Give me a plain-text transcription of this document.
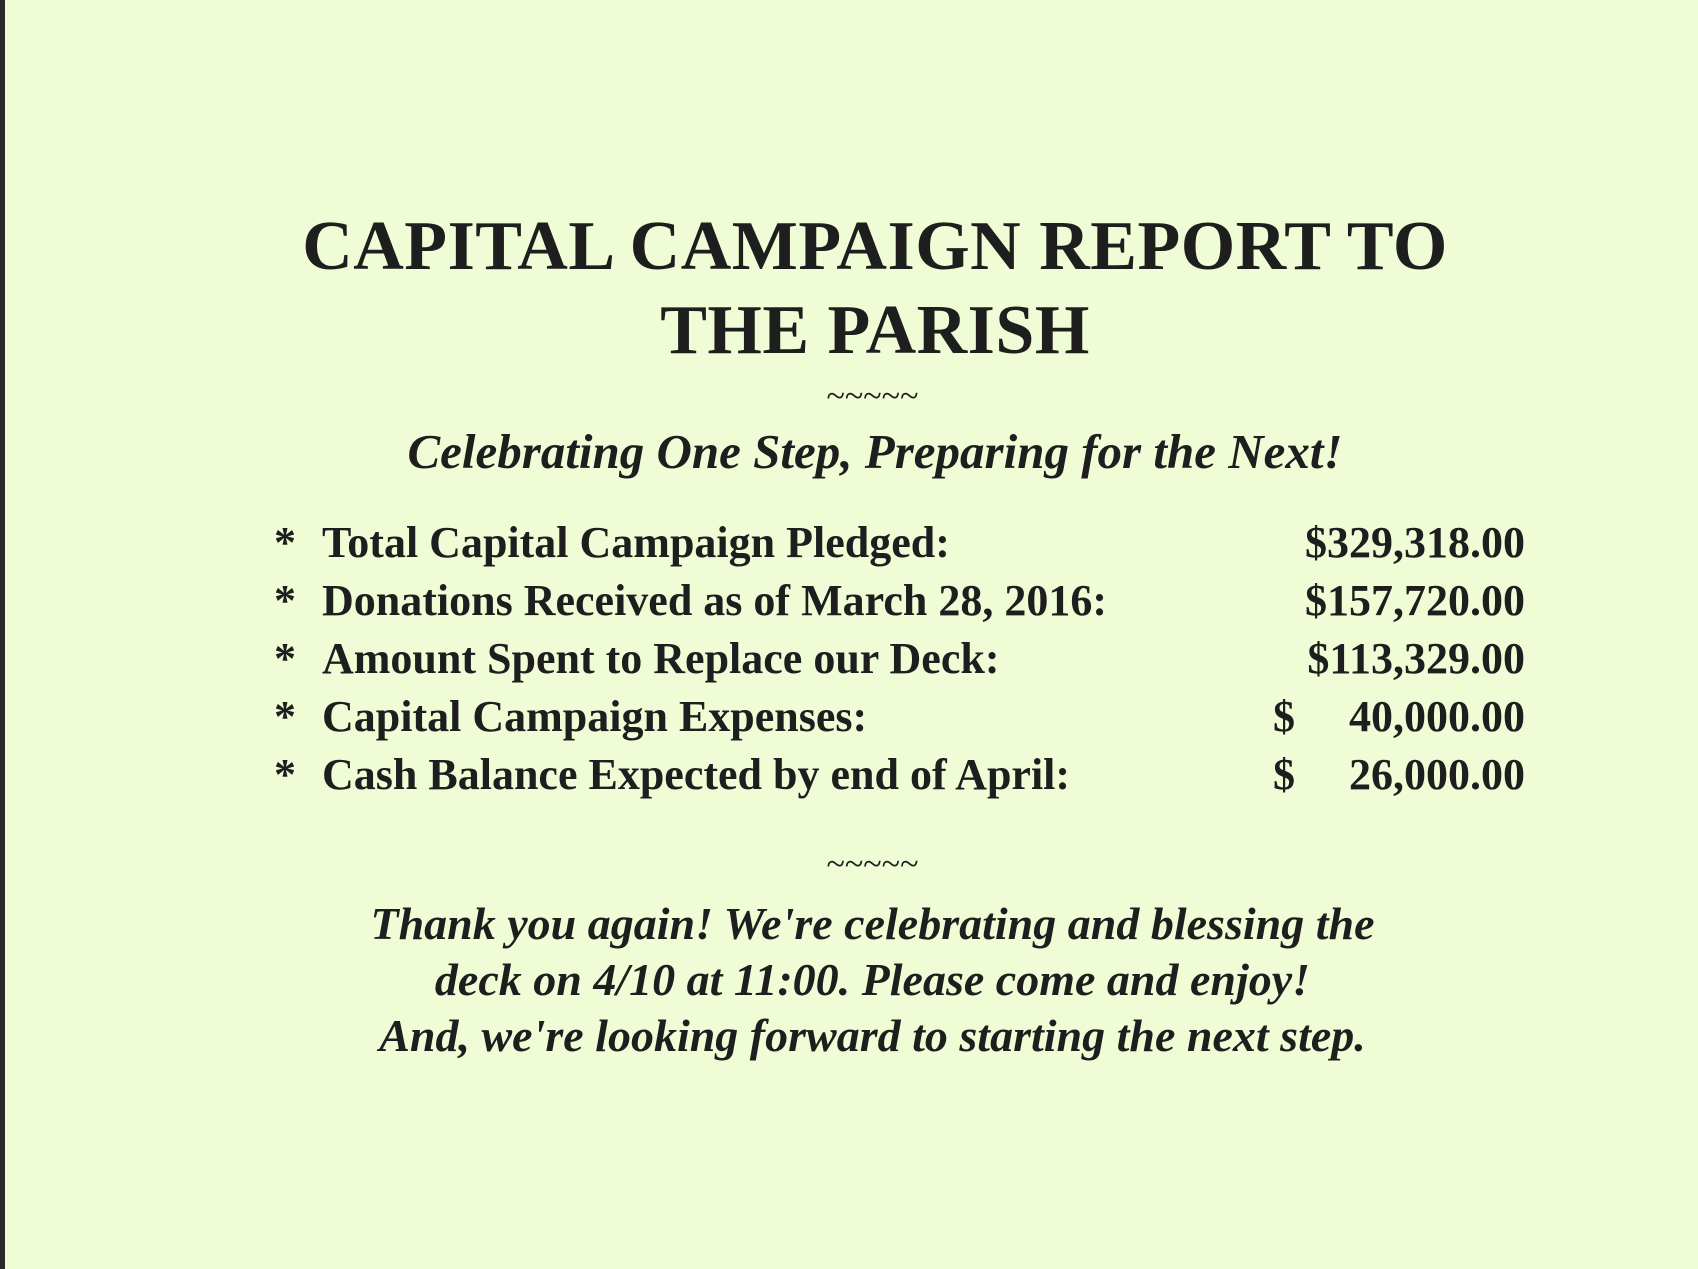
CAPITAL CAMPAIGN REPORT TO
THE PARISH
~~~~~
Celebrating One Step, Preparing for the Next!
* Total Capital Campaign Pledged:	$329,318.00
* Donations Received as of March 28, 2016:	$157,720.00
* Amount Spent to Replace our Deck:	$113,329.00
* Capital Campaign Expenses:	$ 40,000.00
* Cash Balance Expected by end of April:	$ 26,000.00
~~~~~
Thank you again! We're celebrating and blessing the
deck on 4/10 at 11:00. Please come and enjoy!
And, we're looking forward to starting the next step.
